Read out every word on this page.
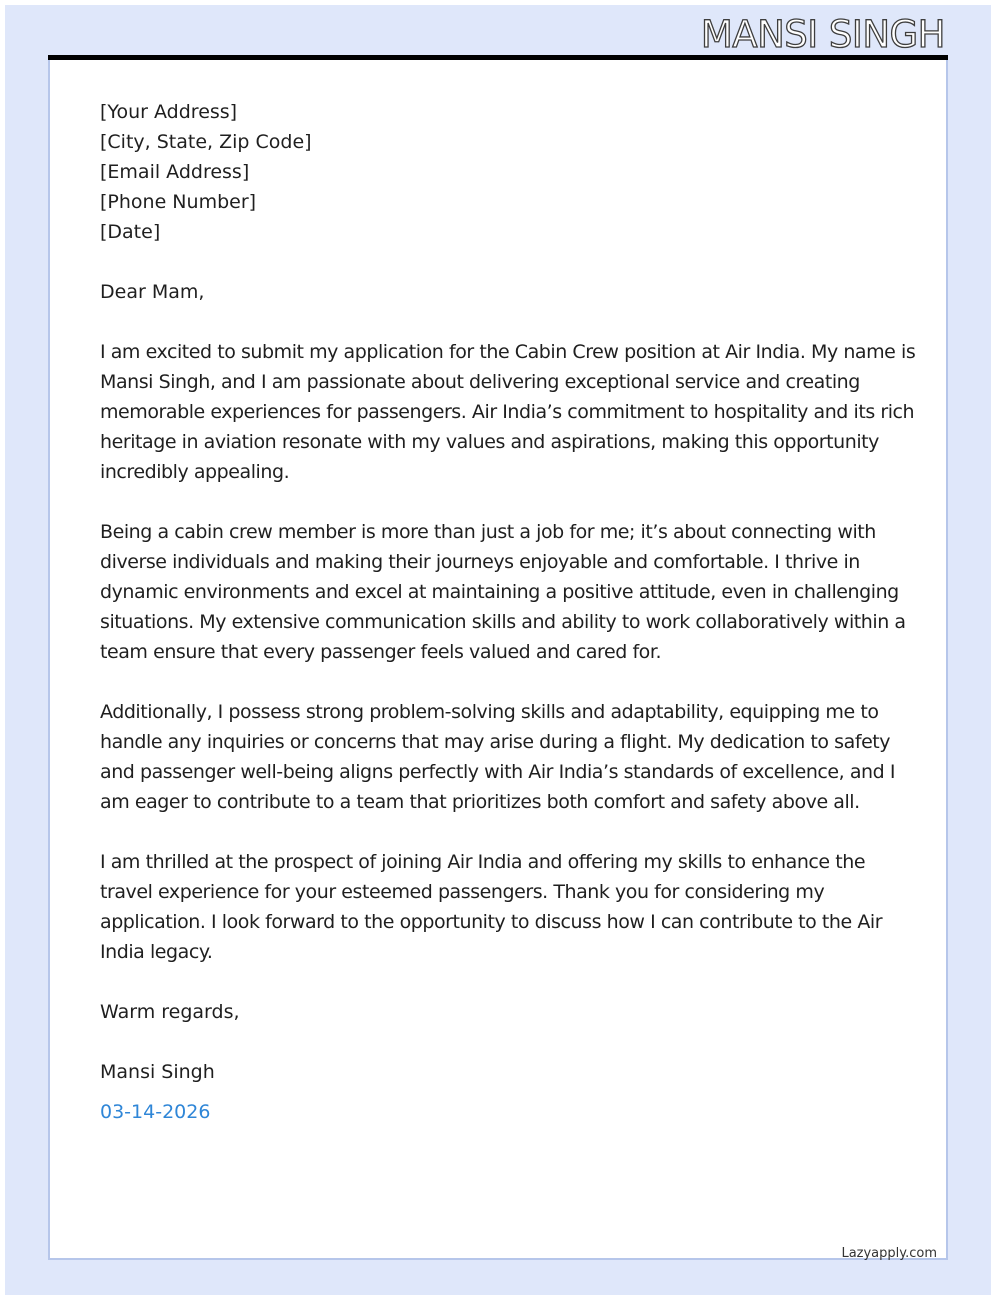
MANSI SINGH
[Your Address]
[City, State, Zip Code]
[Email Address]
[Phone Number]
[Date]

Dear Mam,

I am excited to submit my application for the Cabin Crew position at Air India. My name is
Mansi Singh, and I am passionate about delivering exceptional service and creating
memorable experiences for passengers. Air India’s commitment to hospitality and its rich
heritage in aviation resonate with my values and aspirations, making this opportunity
incredibly appealing.

Being a cabin crew member is more than just a job for me; it’s about connecting with
diverse individuals and making their journeys enjoyable and comfortable. I thrive in
dynamic environments and excel at maintaining a positive attitude, even in challenging
situations. My extensive communication skills and ability to work collaboratively within a
team ensure that every passenger feels valued and cared for.

Additionally, I possess strong problem-solving skills and adaptability, equipping me to
handle any inquiries or concerns that may arise during a flight. My dedication to safety
and passenger well-being aligns perfectly with Air India’s standards of excellence, and I
am eager to contribute to a team that prioritizes both comfort and safety above all.

I am thrilled at the prospect of joining Air India and offering my skills to enhance the
travel experience for your esteemed passengers. Thank you for considering my
application. I look forward to the opportunity to discuss how I can contribute to the Air
India legacy.

Warm regards,

Mansi Singh

03-14-2026
Lazyapply.com
